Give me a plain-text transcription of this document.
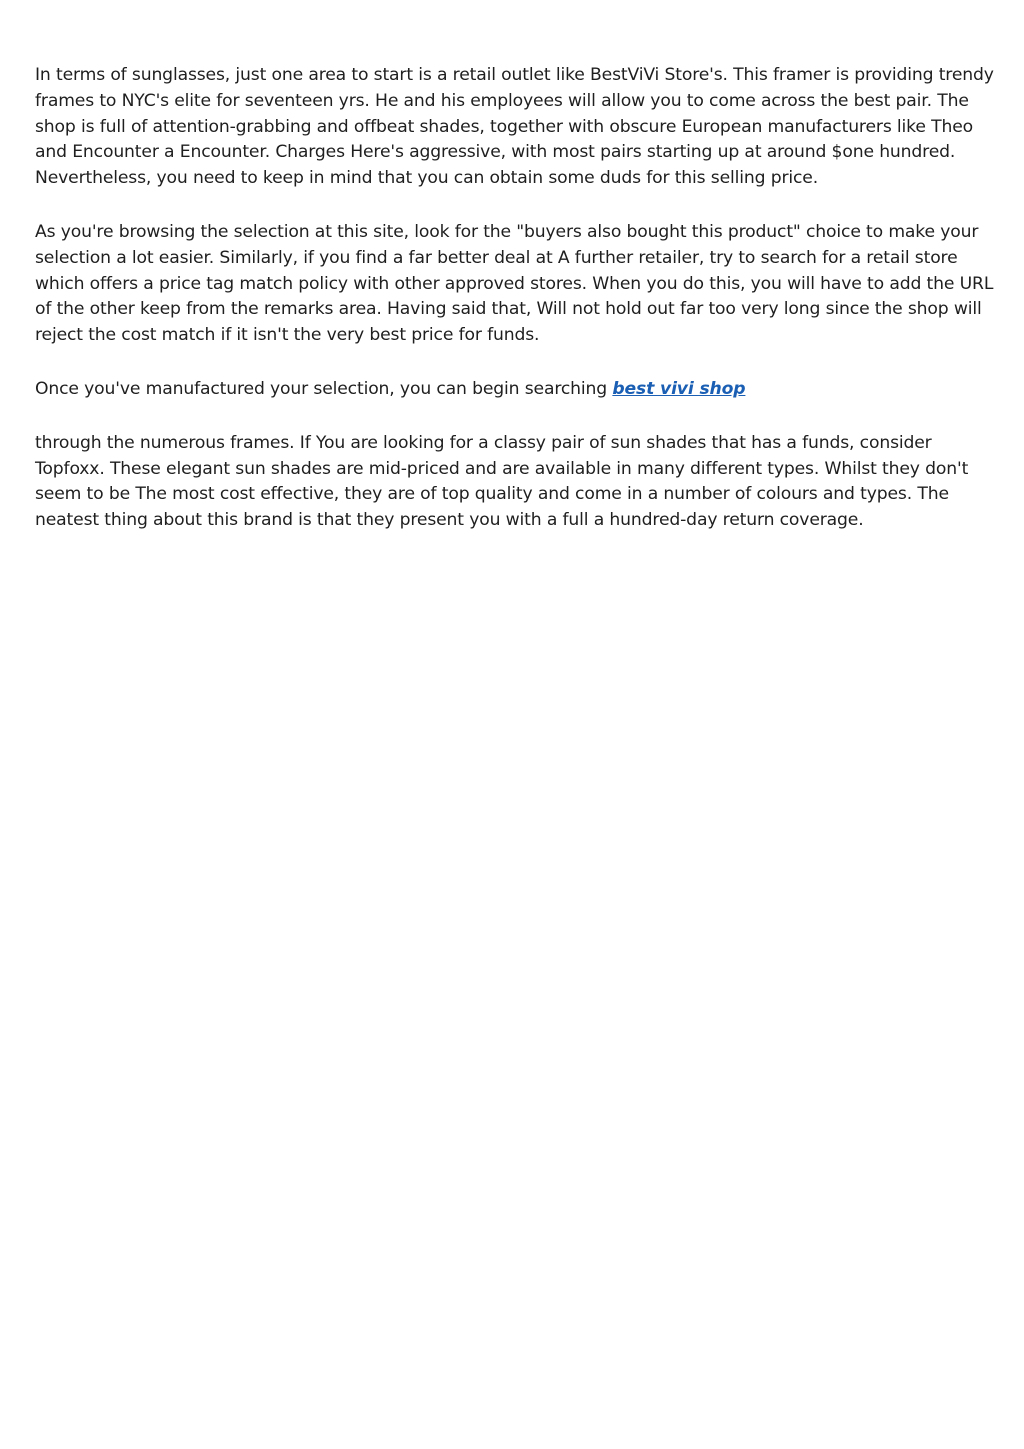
In terms of sunglasses, just one area to start is a retail outlet like BestViVi Store's. This framer is providing trendy frames to NYC's elite for seventeen yrs. He and his employees will allow you to come across the best pair. The shop is full of attention-grabbing and offbeat shades, together with obscure European manufacturers like Theo and Encounter a Encounter. Charges Here's aggressive, with most pairs starting up at around $one hundred. Nevertheless, you need to keep in mind that you can obtain some duds for this selling price.

As you're browsing the selection at this site, look for the "buyers also bought this product" choice to make your selection a lot easier. Similarly, if you find a far better deal at A further retailer, try to search for a retail store which offers a price tag match policy with other approved stores. When you do this, you will have to add the URL of the other keep from the remarks area. Having said that, Will not hold out far too very long since the shop will reject the cost match if it isn't the very best price for funds.

Once you've manufactured your selection, you can begin searching best vivi shop

through the numerous frames. If You are looking for a classy pair of sun shades that has a funds, consider Topfoxx. These elegant sun shades are mid-priced and are available in many different types. Whilst they don't seem to be The most cost effective, they are of top quality and come in a number of colours and types. The neatest thing about this brand is that they present you with a full a hundred-day return coverage.
